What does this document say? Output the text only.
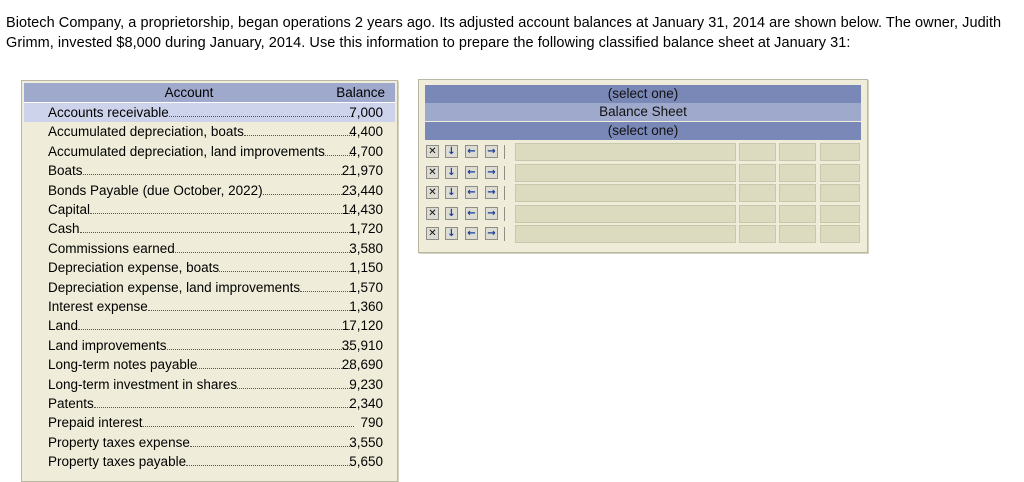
Biotech Company, a proprietorship, began operations 2 years ago. Its adjusted account balances at January 31, 2014 are shown below. The owner, Judith Grimm, invested $8,000 during January, 2014. Use this information to prepare the following classified balance sheet at January 31:
Account	Balance
Accounts receivable	7,000
Accumulated depreciation, boats	4,400
Accumulated depreciation, land improvements	4,700
Boats	21,970
Bonds Payable (due October, 2022)	23,440
Capital	14,430
Cash	1,720
Commissions earned	3,580
Depreciation expense, boats	1,150
Depreciation expense, land improvements	1,570
Interest expense	1,360
Land	17,120
Land improvements	35,910
Long-term notes payable	28,690
Long-term investment in shares	9,230
Patents	2,340
Prepaid interest	790
Property taxes expense	3,550
Property taxes payable	5,650
(select one)
Balance Sheet
(select one)
✕ ↓ ← →
✕ ↓ ← →
✕ ↓ ← →
✕ ↓ ← →
✕ ↓ ← →
